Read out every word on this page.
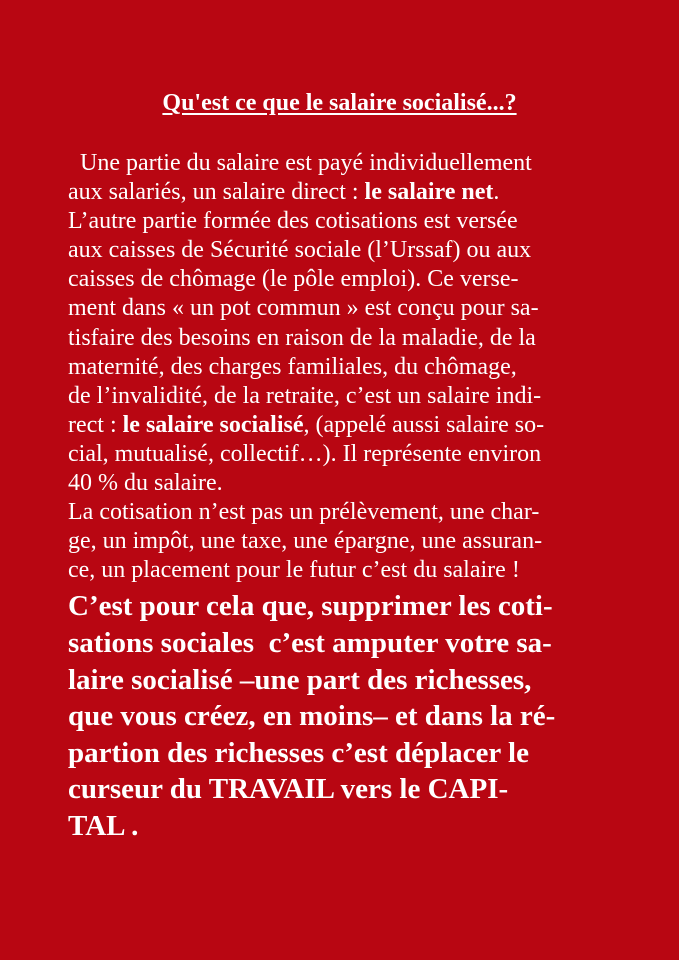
Qu'est ce que le salaire socialisé...?
Une partie du salaire est payé individuellement
aux salariés, un salaire direct : le salaire net.
L’autre partie formée des cotisations est versée
aux caisses de Sécurité sociale (l’Urssaf) ou aux
caisses de chômage (le pôle emploi). Ce verse-
ment dans « un pot commun » est conçu pour sa-
tisfaire des besoins en raison de la maladie, de la
maternité, des charges familiales, du chômage,
de l’invalidité, de la retraite, c’est un salaire indi-
rect : le salaire socialisé, (appelé aussi salaire so-
cial, mutualisé, collectif…). Il représente environ
40 % du salaire.
La cotisation n’est pas un prélèvement, une char-
ge, un impôt, une taxe, une épargne, une assuran-
ce, un placement pour le futur c’est du salaire !
C’est pour cela que, supprimer les coti-
sations sociales  c’est amputer votre sa-
laire socialisé –une part des richesses,
que vous créez, en moins– et dans la ré-
partion des richesses c’est déplacer le
curseur du TRAVAIL vers le CAPI-
TAL .
